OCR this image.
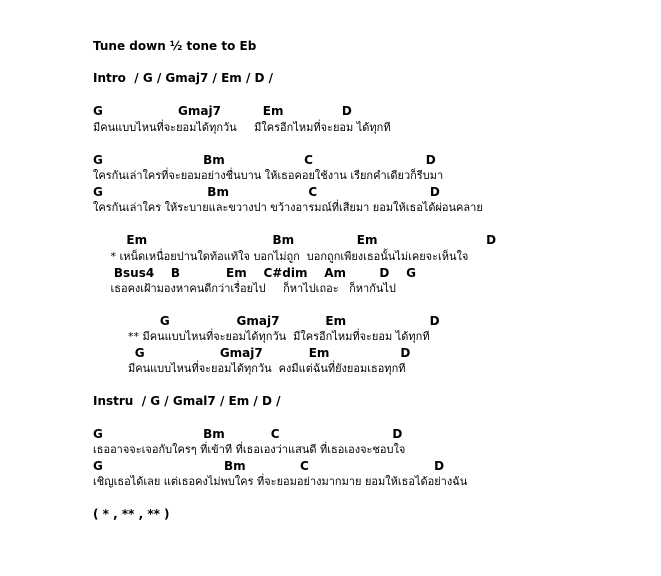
Tune down ½ tone to Eb
Intro  / G / Gmaj7 / Em / D /
G                  Gmaj7          Em              D
มีคนแบบไหนที่จะยอมได้ทุกวัน     มีใครอีกไหมที่จะยอม ได้ทุกที
G                        Bm                   C                           D
ใครกันเล่าใครที่จะยอมอย่างชื่นบาน ให้เธอคอยใช้งาน เรียกคำเดียวก็รีบมา
G                         Bm                   C                           D
ใครกันเล่าใคร ให้ระบายและขวางปา ขว้างอารมณ์ที่เสียมา ยอมให้เธอได้ผ่อนคลาย
Em                              Bm               Em                          D
* เหน็ดเหนื่อยปานใดท้อแท้ใจ บอกไม่ถูก  บอกถูกเพียงเธอนั้นไม่เคยจะเห็นใจ
Bsus4    B           Em    C#dim    Am        D    G
เธอคงเฝ้ามองหาคนดีกว่าเรื่อยไป     ก็หาไปเถอะ   ก็หากันไป
G                Gmaj7           Em                    D
** มีคนแบบไหนที่จะยอมได้ทุกวัน  มีใครอีกไหมที่จะยอม ได้ทุกที
G                  Gmaj7           Em                 D
มีคนแบบไหนที่จะยอมได้ทุกวัน  คงมีแต่ฉันที่ยังยอมเธอทุกที
Instru  / G / Gmal7 / Em / D /
G                        Bm           C                           D
เธออาจจะเจอกับใครๆ ที่เข้าที ที่เธอเองว่าแสนดี ที่เธอเองจะชอบใจ
G                             Bm             C                              D
เชิญเธอได้เลย แต่เธอคงไม่พบใคร ที่จะยอมอย่างมากมาย ยอมให้เธอได้อย่างฉัน
( * , ** , ** )
